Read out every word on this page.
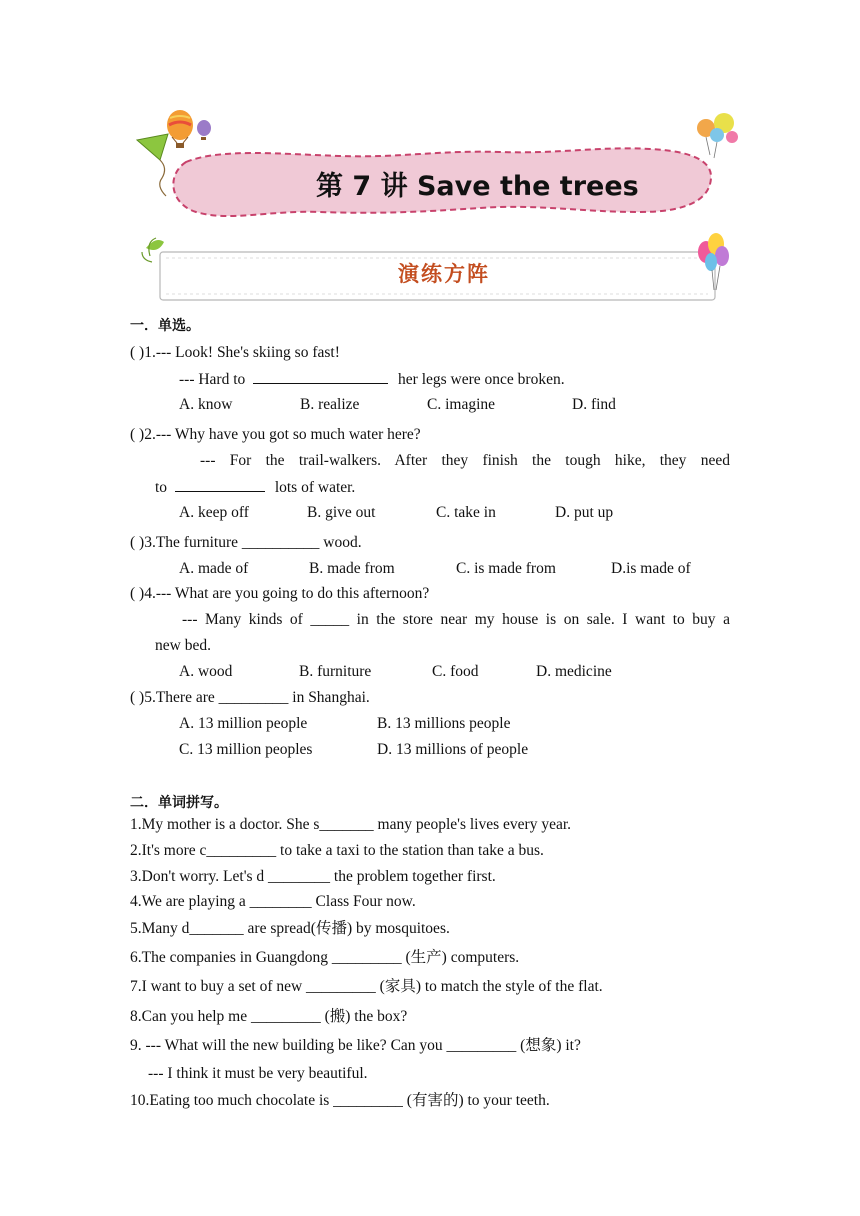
第 7 讲 Save the trees
演练方阵
一．单选。
( )1.--- Look! She's skiing so fast!
--- Hard to	her legs were once broken.
A. know	B. realize	C. imagine	D. find
( )2.--- Why have you got so much water here?
--- For the trail-walkers. After they finish the tough hike, they need
to	lots of water.
A. keep off	B. give out	C. take in	D. put up
( )3.The furniture __________ wood.
A. made of	B. made from	C. is made from	D.is made of
( )4.--- What are you going to do this afternoon?
--- Many kinds of _____ in the store near my house is on sale. I want to buy a
new bed.
A. wood	B. furniture	C. food	D. medicine
( )5.There are _________ in Shanghai.
A. 13 million people	B. 13 millions people
C. 13 million peoples	D. 13 millions of people
二．单词拼写。
1.My mother is a doctor. She s_______ many people's lives every year.
2.It's more c_________ to take a taxi to the station than take a bus.
3.Don't worry. Let's d ________ the problem together first.
4.We are playing a ________ Class Four now.
5.Many d_______ are spread(传播) by mosquitoes.
6.The companies in Guangdong _________ (生产) computers.
7.I want to buy a set of new _________ (家具) to match the style of the flat.
8.Can you help me _________ (搬) the box?
9. --- What will the new building be like? Can you _________ (想象) it?
--- I think it must be very beautiful.
10.Eating too much chocolate is _________ (有害的) to your teeth.
